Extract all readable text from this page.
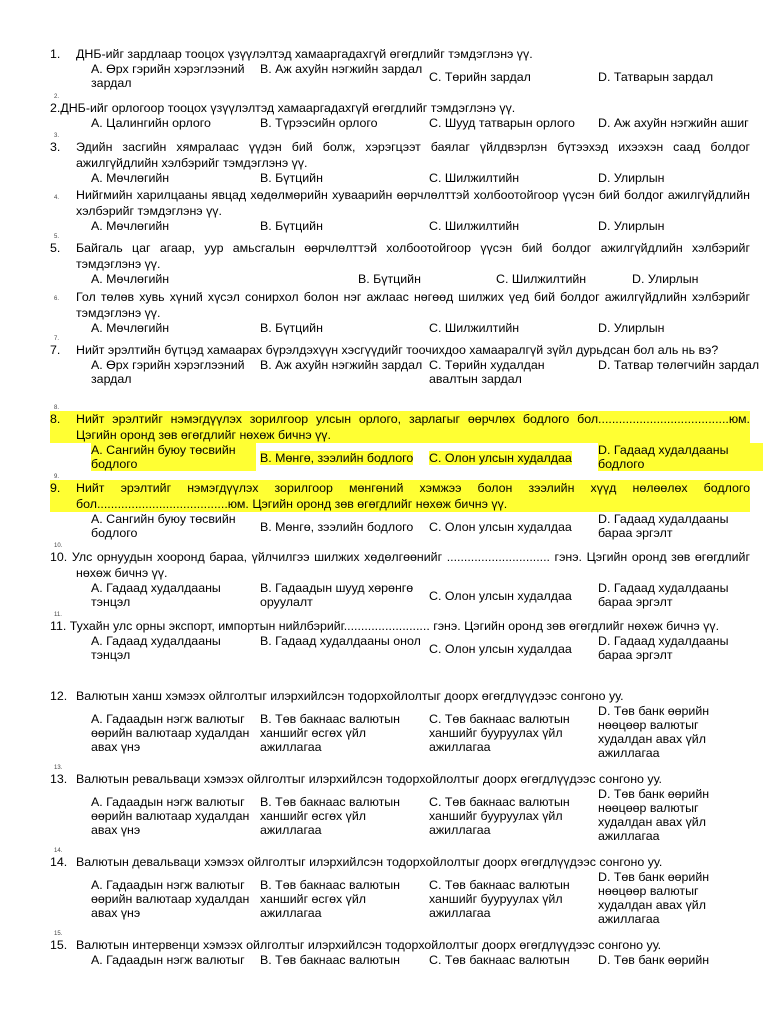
1. ДНБ-ийг зардлаар тооцох үзүүлэлтэд хамааргадахгүй өгөгдлийг тэмдэглэнэ үү.
А. Өрх гэрийн хэрэглээний зардал
В. Аж ахуйн нэгжийн зардал
С. Төрийн зардал	D. Татварын зардал
2.
2.ДНБ-ийг орлогоор тооцох үзүүлэлтэд хамааргадахгүй өгөгдлийг тэмдэглэнэ үү.
А. Цалингийн орлого	В. Түрээсийн орлого	С. Шууд татварын орлого	D. Аж ахуйн нэгжийн ашиг
3.
3. Эдийн засгийн хямралаас үүдэн бий болж, хэрэгцээт баялаг үйлдвэрлэн бүтээхэд ихээхэн саад болдог ажилгүйдлийн хэлбэрийг тэмдэглэнэ үү.
А. Мөчлөгийн	В. Бүтцийн	С. Шилжилтийн	D. Улирлын
4. Нийгмийн харилцааны явцад хөдөлмөрийн хуваарийн өөрчлөлттэй холбоотойгоор үүсэн бий болдог ажилгүйдлийн хэлбэрийг тэмдэглэнэ үү.
А. Мөчлөгийн	В. Бүтцийн	С. Шилжилтийн	D. Улирлын
5.
5. Байгаль цаг агаар, уур амьсгалын өөрчлөлттэй холбоотойгоор үүсэн бий болдог ажилгүйдлийн хэлбэрийг тэмдэглэнэ үү.
А. Мөчлөгийн	В. Бүтцийн	С. Шилжилтийн	D. Улирлын
6. Гол төлөв хувь хүний хүсэл сонирхол болон нэг ажлаас нөгөөд шилжих үед бий болдог ажилгүйдлийн хэлбэрийг тэмдэглэнэ үү.
А. Мөчлөгийн	В. Бүтцийн	С. Шилжилтийн	D. Улирлын
7.
7. Нийт эрэлтийн бүтцэд хамаарах бүрэлдэхүүн хэсгүүдийг тоочихдоо хамааралгүй зүйл дурьдсан бол аль нь вэ?
А. Өрх гэрийн хэрэглээний зардал
В. Аж ахуйн нэгжийн зардал С. Төрийн худалдан авалтын зардал
D. Татвар төлөгчийн зардал
8.
8. Нийт эрэлтийг нэмэгдүүлэх зорилгоор улсын орлого, зарлагыг өөрчлөх бодлого бол......................................юм. Цэгийн оронд зөв өгөгдлийг нөхөж бичнэ үү.
А. Сангийн буюу төсвийн бодлого	В. Мөнгө, зээлийн бодлого С. Олон улсын худалдаа
D. Гадаад худалдааны бодлого
9.
9. Нийт эрэлтийг нэмэгдүүлэх зорилгоор мөнгөний хэмжээ болон зээлийн хүүд нөлөөлөх бодлого бол......................................юм. Цэгийн оронд зөв өгөгдлийг нөхөж бичнэ үү.
А. Сангийн буюу төсвийн бодлого	В. Мөнгө, зээлийн бодлого	С. Олон улсын худалдаа
D. Гадаад худалдааны бараа эргэлт
10.
10. Улс орнуудын хооронд бараа, үйлчилгээ шилжих хөдөлгөөнийг .............................. гэнэ. Цэгийн оронд зөв өгөгдлийг нөхөж бичнэ үү.
А. Гадаад худалдааны тэнцэл
В. Гадаадын шууд хөрөнгө оруулалт	С. Олон улсын худалдаа
D. Гадаад худалдааны бараа эргэлт
11.
11. Тухайн улс орны экспорт, импортын нийлбэрийг......................... гэнэ. Цэгийн оронд зөв өгөгдлийг нөхөж бичнэ үү.
А. Гадаад худалдааны тэнцэл
В. Гадаад худалдааны онол
С. Олон улсын худалдаа
D. Гадаад худалдааны бараа эргэлт
12. Валютын ханш хэмээх ойлголтыг илэрхийлсэн тодорхойлолтыг доорх өгөгдлүүдээс сонгоно уу.
А. Гадаадын нэгж валютыг өөрийн валютаар худалдан авах үнэ
В. Төв бакнаас валютын ханшийг өсгөх үйл ажиллагаа
С. Төв бакнаас валютын ханшийг бууруулах үйл ажиллагаа
D. Төв банк өөрийн нөөцөөр валютыг худалдан авах үйл ажиллагаа
13.
13. Валютын ревальваци хэмээх ойлголтыг илэрхийлсэн тодорхойлолтыг доорх өгөгдлүүдээс сонгоно уу.
А. Гадаадын нэгж валютыг өөрийн валютаар худалдан авах үнэ
В. Төв бакнаас валютын ханшийг өсгөх үйл ажиллагаа
С. Төв бакнаас валютын ханшийг бууруулах үйл ажиллагаа
D. Төв банк өөрийн нөөцөөр валютыг худалдан авах үйл ажиллагаа
14.
14. Валютын девальваци хэмээх ойлголтыг илэрхийлсэн тодорхойлолтыг доорх өгөгдлүүдээс сонгоно уу.
А. Гадаадын нэгж валютыг өөрийн валютаар худалдан авах үнэ
В. Төв бакнаас валютын ханшийг өсгөх үйл ажиллагаа
С. Төв бакнаас валютын ханшийг бууруулах үйл ажиллагаа
D. Төв банк өөрийн нөөцөөр валютыг худалдан авах үйл ажиллагаа
15.
15. Валютын интервенци хэмээх ойлголтыг илэрхийлсэн тодорхойлолтыг доорх өгөгдлүүдээс сонгоно уу.
А. Гадаадын нэгж валютыг	В. Төв бакнаас валютын	С. Төв бакнаас валютын	D. Төв банк өөрийн
